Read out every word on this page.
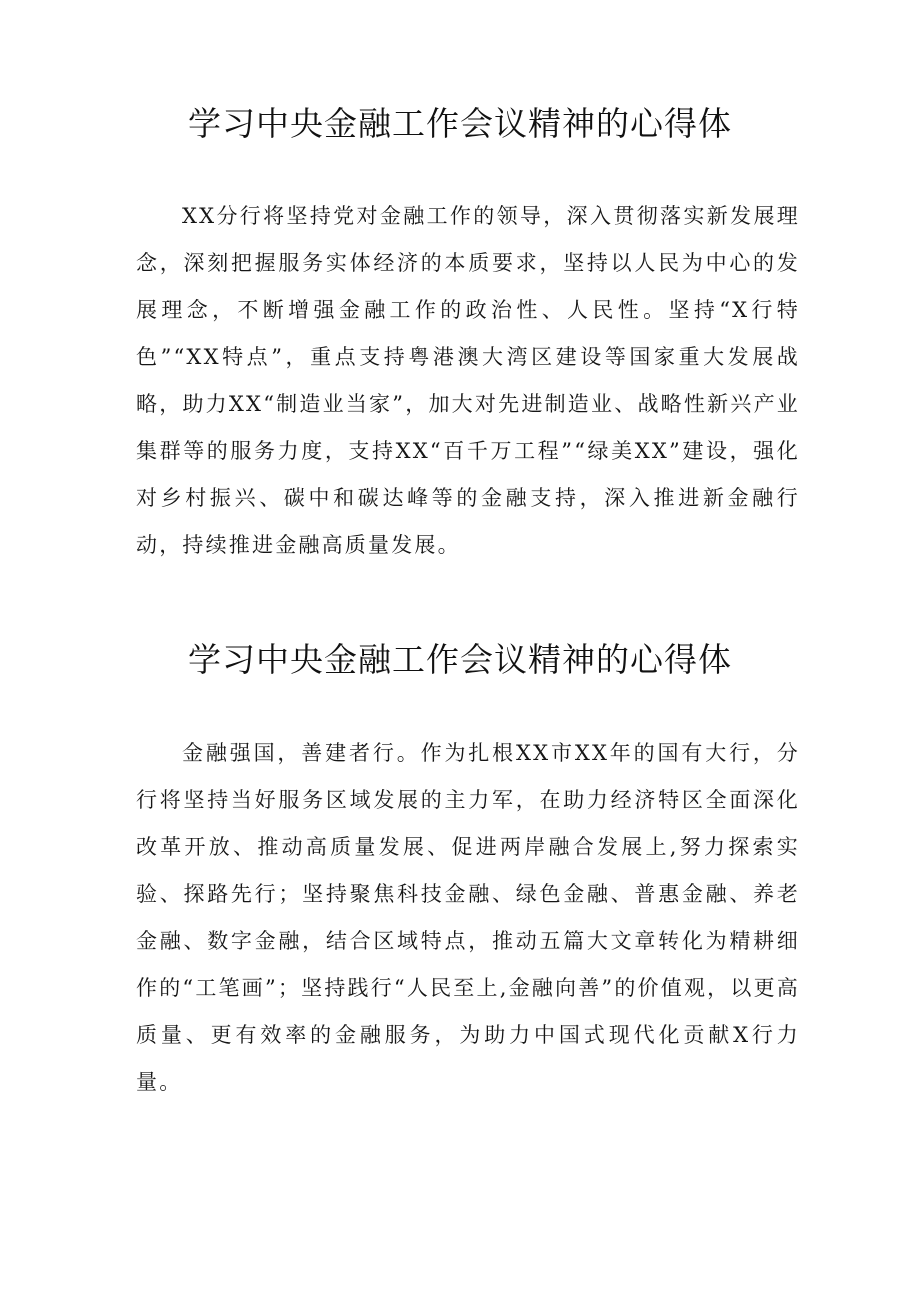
学习中央金融工作会议精神的心得体

XX分行将坚持党对金融工作的领导，深入贯彻落实新发展理念，深刻把握服务实体经济的本质要求，坚持以人民为中心的发展理念，不断增强金融工作的政治性、人民性。坚持“X行特色”“XX特点”，重点支持粤港澳大湾区建设等国家重大发展战略，助力XX“制造业当家”，加大对先进制造业、战略性新兴产业集群等的服务力度，支持XX“百千万工程”“绿美XX”建设，强化对乡村振兴、碳中和碳达峰等的金融支持，深入推进新金融行动，持续推进金融高质量发展。

学习中央金融工作会议精神的心得体

金融强国，善建者行。作为扎根XX市XX年的国有大行，分行将坚持当好服务区域发展的主力军，在助力经济特区全面深化改革开放、推动高质量发展、促进两岸融合发展上,努力探索实验、探路先行；坚持聚焦科技金融、绿色金融、普惠金融、养老金融、数字金融，结合区域特点，推动五篇大文章转化为精耕细作的“工笔画”；坚持践行“人民至上,金融向善”的价值观，以更高质量、更有效率的金融服务，为助力中国式现代化贡献X行力量。
